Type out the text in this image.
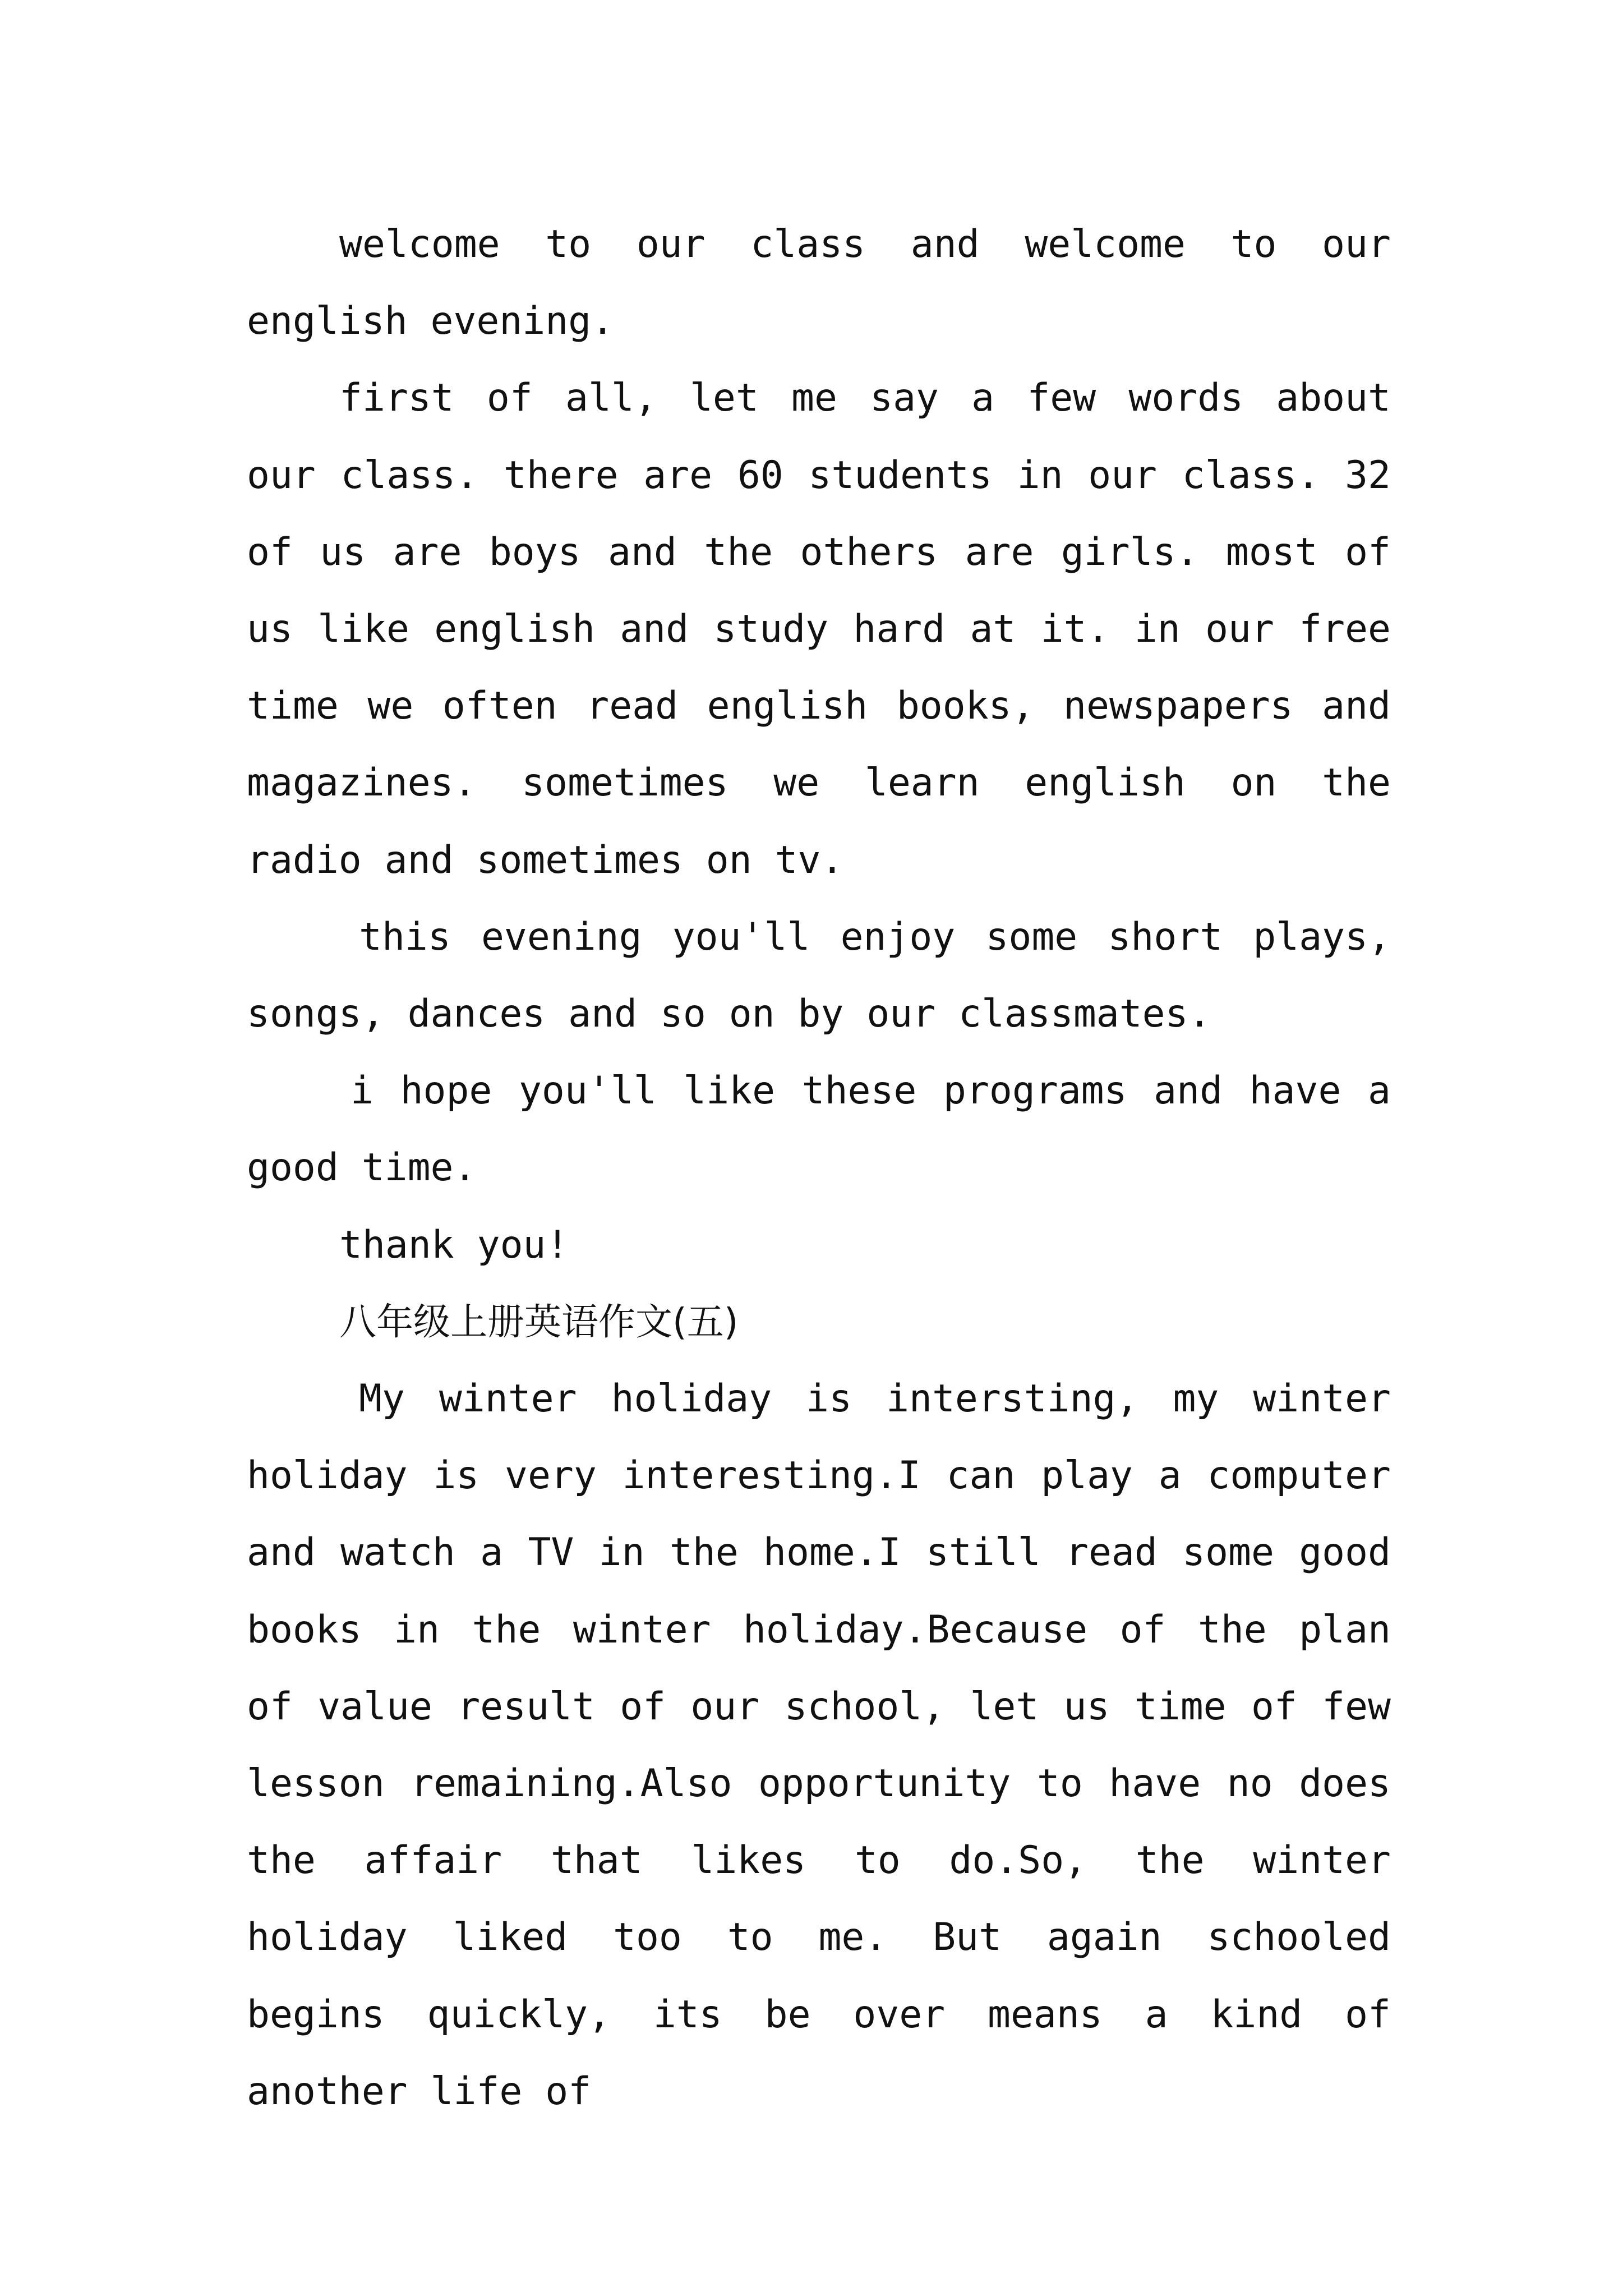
welcome to our class and welcome to our english evening.

first of all, let me say a few words about our class. there are 60 students in our class. 32 of us are boys and the others are girls. most of us like english and study hard at it. in our free time we often read english books, newspapers and magazines. sometimes we learn english on the radio and sometimes on tv.

this evening you'll enjoy some short plays, songs, dances and so on by our classmates.

i hope you'll like these programs and have a good time.

thank you!

八年级上册英语作文(五)

My winter holiday is intersting, my winter holiday is very interesting.I can play a computer and watch a TV in the home.I still read some good books in the winter holiday.Because of the plan of value result of our school, let us time of few lesson remaining.Also opportunity to have no does the affair that likes to do.So, the winter holiday liked too to me. But again schooled begins quickly, its be over means a kind of another life of
